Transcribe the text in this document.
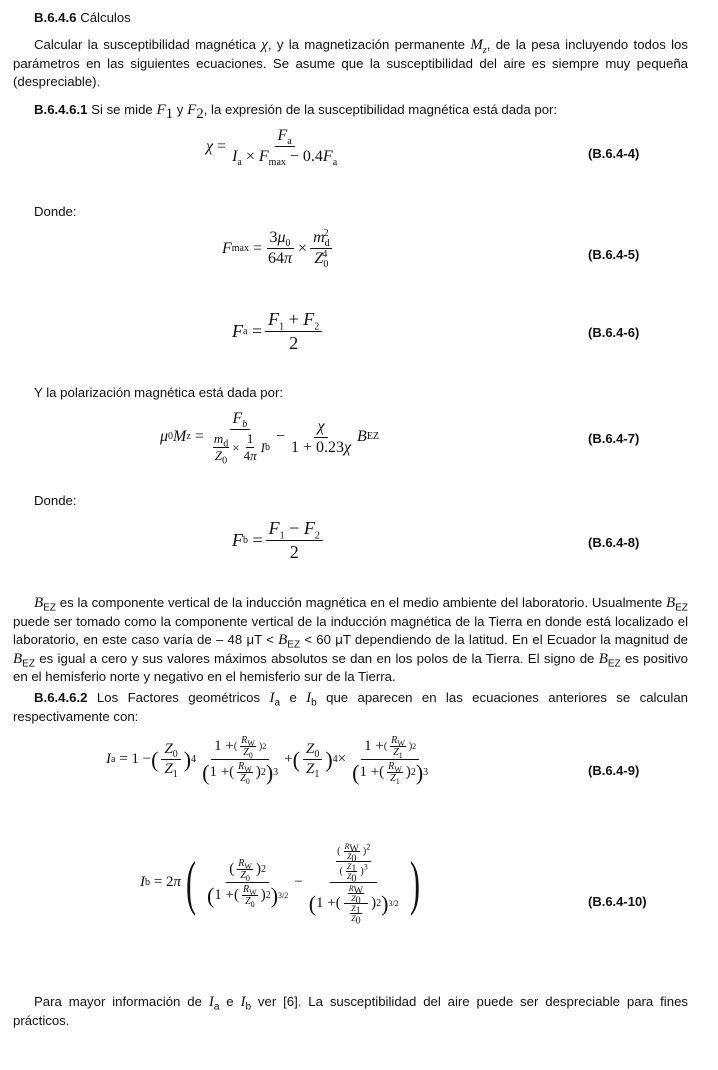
B.6.4.6 Cálculos

Calcular la susceptibilidad magnética χ, y la magnetización permanente $M_z$, de la pesa incluyendo todos los parámetros en las siguientes ecuaciones. Se asume que la susceptibilidad del aire es siempre muy pequeña (despreciable).

B.6.4.6.1 Si se mide $F_1$ y $F_2$, la expresión de la susceptibilidad magnética está dada por:

$\chi = \frac{F_a}{I_a \times F_{max} - 0.4F_a}$	(B.6.4-4)

Donde:

F $\max = \frac{3\mu_0}{64\pi} \times \frac{m_d^2}{Z_0^4}$	(B.6.4-5)
F $a = \frac{F_1 + F_2}{2}$	(B.6.4-6)

Y la polarización magnética está dada por:

μ 0 M $z = \frac{F_b}{\frac{m_d}{Z_0} \times \frac{1}{4\pi} I b} - \frac{\chi}{1 + 0.23\chi}$ B EZ	(B.6.4-7)

Donde:

F $b = \frac{F_1 - F_2}{2}$	(B.6.4-8)

$B_{EZ}$ es la componente vertical de la inducción magnética en el medio ambiente del laboratorio. Usualmente $B_{EZ}$ puede ser tomado como la componente vertical de la inducción magnética de la Tierra en donde está localizado el laboratorio, en este caso varía de – 48 $\mu T < B_{EZ} < 60$ μT dependiendo de la latitud. En el Ecuador la magnitud de $B_{EZ}$ es igual a cero y sus valores máximos absolutos se dan en los polos de la Tierra. El signo de $B_{EZ}$ es positivo en el hemisferio norte y negativo en el hemisferio sur de la Tierra.

B.6.4.6.2 Los Factores geométricos $I_a$ e $I_b$ que aparecen en las ecuaciones anteriores se calculan respectivamente con:

I a = 1 − ( $\frac{Z_0}{Z_1}$ ) $4 \frac{1 + ( \frac{R_W}{Z_0} ) 2}{( 1 + ( \frac{R_W}{Z_0} ) 2 ) 3}$ + ( $\frac{Z_0}{Z_1}$ ) $4 \times \frac{1 + ( \frac{R_W}{Z_1} ) 2}{( 1 + ( \frac{R_W}{Z_1} ) 2 ) 3}$	(B.6.4-9)
I b = 2 π ( $\frac{( \frac{R_W}{Z_0} ) 2}{( 1 + ( \frac{R_W}{Z_0} ) 2 ) 3/2} - \frac{\frac{( \frac{R_W}{Z_0} )^2}{( \frac{Z_1}{Z_0} )^3}}{( 1 + ( \frac{\frac{R_W}{Z_0}}{\frac{Z_1}{Z_0}} ) 2 ) 3/2}$ )	(B.6.4-10)

Para mayor información de $I_a$ e $I_b$ ver [6]. La susceptibilidad del aire puede ser despreciable para fines prácticos.
